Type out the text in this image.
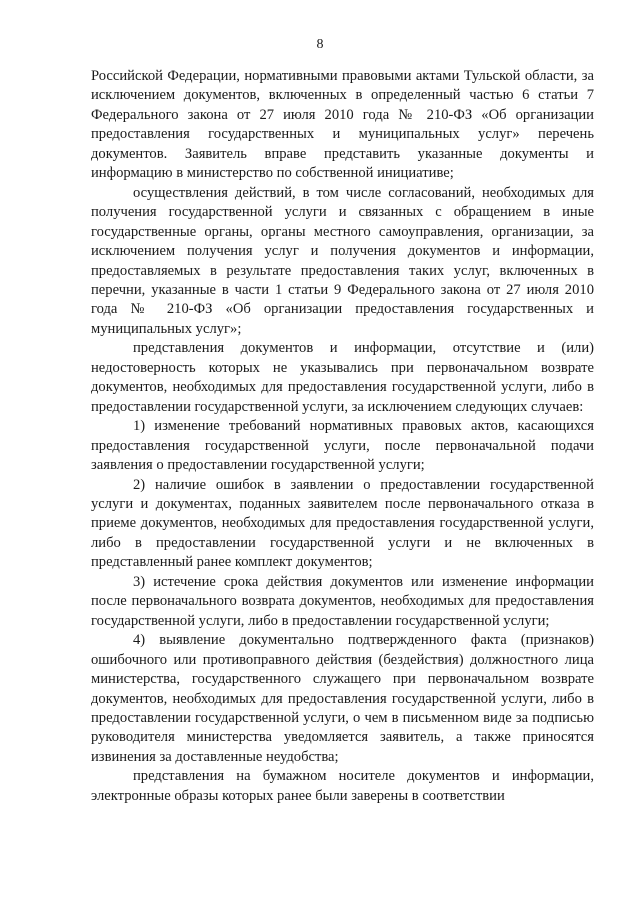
8

Российской Федерации, нормативными правовыми актами Тульской области, за исключением документов, включенных в определенный частью 6 статьи 7 Федерального закона от 27 июля 2010 года № 210-ФЗ «Об организации предоставления государственных и муниципальных услуг» перечень документов. Заявитель вправе представить указанные документы и информацию в министерство по собственной инициативе;

осуществления действий, в том числе согласований, необходимых для получения государственной услуги и связанных с обращением в иные государственные органы, органы местного самоуправления, организации, за исключением получения услуг и получения документов и информации, предоставляемых в результате предоставления таких услуг, включенных в перечни, указанные в части 1 статьи 9 Федерального закона от 27 июля 2010 года № 210-ФЗ «Об организации предоставления государственных и муниципальных услуг»;

представления документов и информации, отсутствие и (или) недостоверность которых не указывались при первоначальном возврате документов, необходимых для предоставления государственной услуги, либо в предоставлении государственной услуги, за исключением следующих случаев:

1) изменение требований нормативных правовых актов, касающихся предоставления государственной услуги, после первоначальной подачи заявления о предоставлении государственной услуги;

2) наличие ошибок в заявлении о предоставлении государственной услуги и документах, поданных заявителем после первоначального отказа в приеме документов, необходимых для предоставления государственной услуги, либо в предоставлении государственной услуги и не включенных в представленный ранее комплект документов;

3) истечение срока действия документов или изменение информации после первоначального возврата документов, необходимых для предоставления государственной услуги, либо в предоставлении государственной услуги;

4) выявление документально подтвержденного факта (признаков) ошибочного или противоправного действия (бездействия) должностного лица министерства, государственного служащего при первоначальном возврате документов, необходимых для предоставления государственной услуги, либо в предоставлении государственной услуги, о чем в письменном виде за подписью руководителя министерства уведомляется заявитель, а также приносятся извинения за доставленные неудобства;

представления на бумажном носителе документов и информации, электронные образы которых ранее были заверены в соответствии
